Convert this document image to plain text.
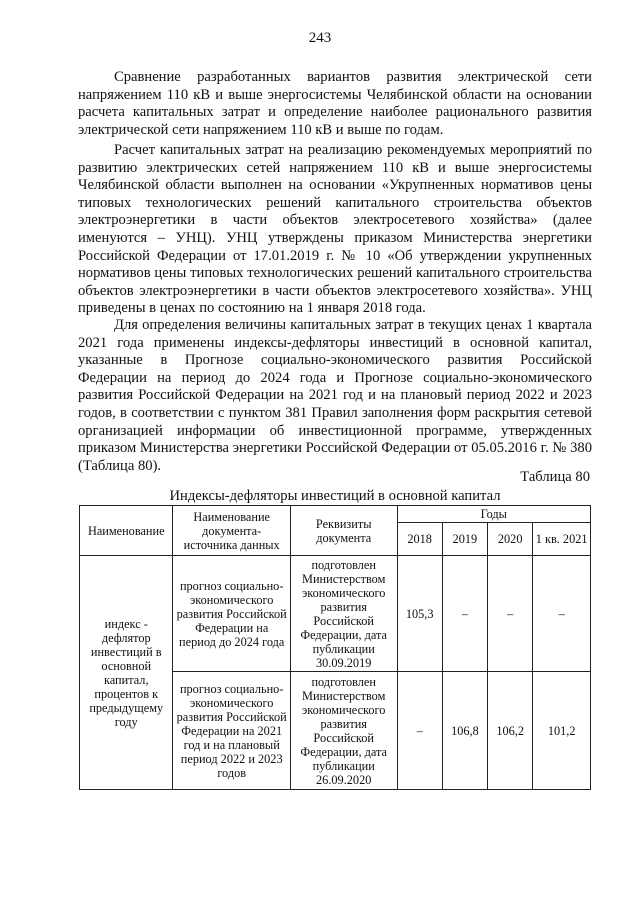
243

Сравнение разработанных вариантов развития электрической сети напряжением 110 кВ и выше энергосистемы Челябинской области на основании расчета капитальных затрат и определение наиболее рационального развития электрической сети напряжением 110 кВ и выше по годам.

Расчет капитальных затрат на реализацию рекомендуемых мероприятий по развитию электрических сетей напряжением 110 кВ и выше энергосистемы Челябинской области выполнен на основании «Укрупненных нормативов цены типовых технологических решений капитального строительства объектов электроэнергетики в части объектов электросетевого хозяйства» (далее именуются – УНЦ). УНЦ утверждены приказом Министерства энергетики Российской Федерации от 17.01.2019 г. № 10 «Об утверждении укрупненных нормативов цены типовых технологических решений капитального строительства объектов электроэнергетики в части объектов электросетевого хозяйства». УНЦ приведены в ценах по состоянию на 1 января 2018 года.

Для определения величины капитальных затрат в текущих ценах 1 квартала 2021 года применены индексы-дефляторы инвестиций в основной капитал, указанные в Прогнозе социально-экономического развития Российской Федерации на период до 2024 года и Прогнозе социально-экономического развития Российской Федерации на 2021 год и на плановый период 2022 и 2023 годов, в соответствии с пунктом 381 Правил заполнения форм раскрытия сетевой организацией информации об инвестиционной программе, утвержденных приказом Министерства энергетики Российской Федерации от 05.05.2016 г. № 380 (Таблица 80).

Таблица 80
Индексы-дефляторы инвестиций в основной капитал
Наименование	Наименование документа-источника данных	Реквизиты документа	Годы			
			2018	2019	2020	1 кв. 2021
индекс - дефлятор инвестиций в основной капитал, процентов к предыдущему году	прогноз социально-экономического развития Российской Федерации на период до 2024 года	подготовлен Министерством экономического развития Российской Федерации, дата публикации 30.09.2019	105,3	–	–	–
	прогноз социально-экономического развития Российской Федерации на 2021 год и на плановый период 2022 и 2023 годов	подготовлен Министерством экономического развития Российской Федерации, дата публикации 26.09.2020	–	106,8	106,2	101,2
